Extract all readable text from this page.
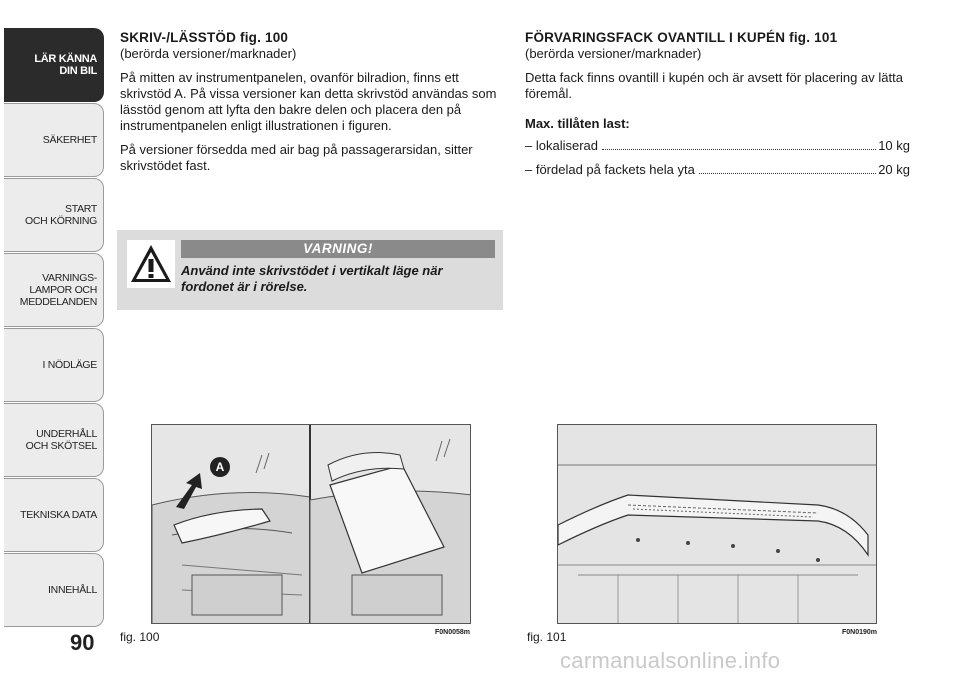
LÄR KÄNNA
DIN BIL
SÄKERHET
START
OCH KÖRNING
VARNINGS-
LAMPOR OCH
MEDDELANDEN
I NÖDLÄGE
UNDERHÅLL
OCH SKÖTSEL
TEKNISKA DATA
INNEHÅLL
90
SKRIV-/LÄSSTÖD fig. 100
(berörda versioner/marknader)
På mitten av instrumentpanelen, ovanför bilradion, finns ett skrivstöd A. På vissa versioner kan detta skrivstöd användas som lässtöd genom att lyfta den bakre delen och placera den på instrumentpanelen enligt illustrationen i figuren.
På versioner försedda med air bag på passagerarsidan, sitter skrivstödet fast.
VARNING!
Använd inte skrivstödet i vertikalt läge när fordonet är i rörelse.
FÖRVARINGSFACK OVANTILL I KUPÉN fig. 101
(berörda versioner/marknader)
Detta fack finns ovantill i kupén och är avsett för placering av lätta föremål.
Max. tillåten last:
– lokaliserad	10 kg
– fördelad på fackets hela yta	20 kg
A
fig. 100	F0N0058m	fig. 101	F0N0190m
carmanualsonline.info
